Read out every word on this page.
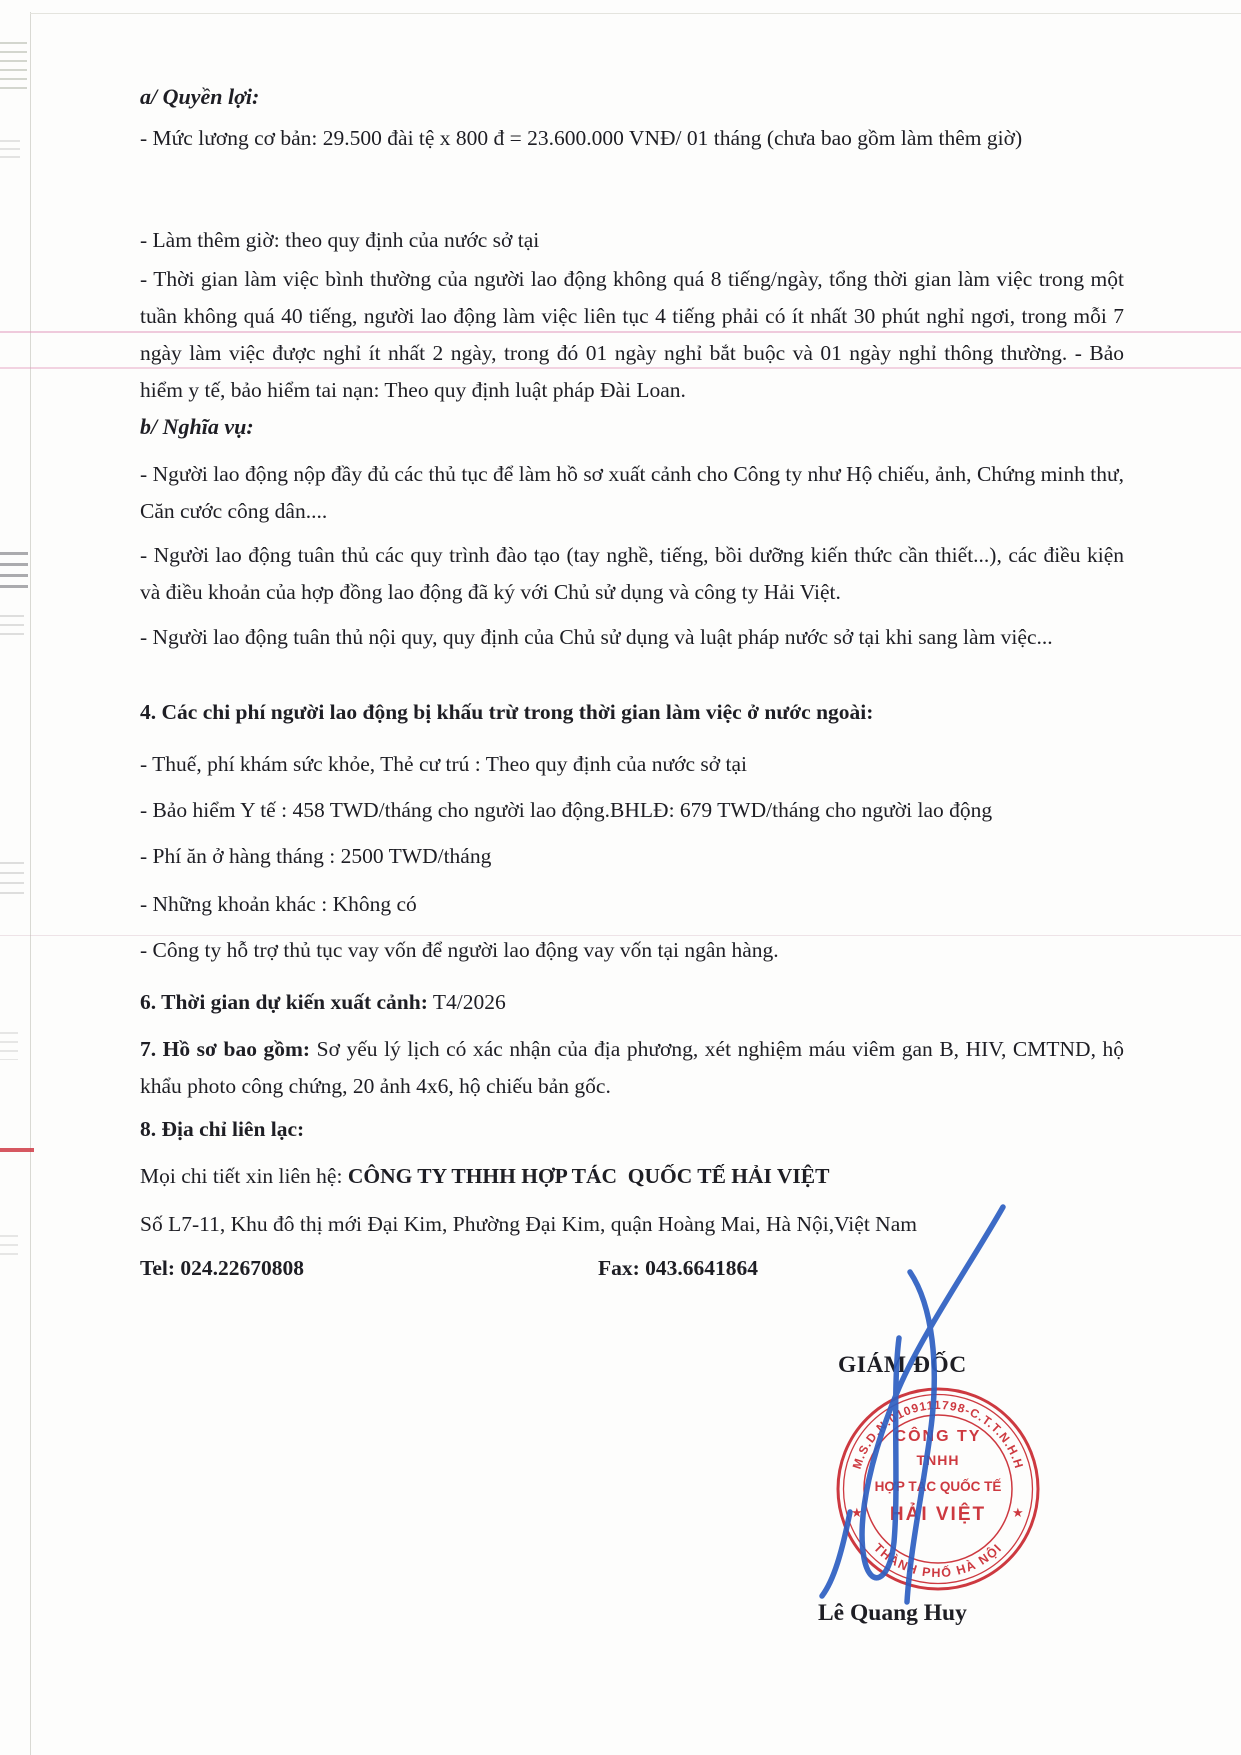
a/ Quyền lợi:

- Mức lương cơ bản: 29.500 đài tệ x 800 đ = 23.600.000 VNĐ/ 01 tháng (chưa bao gồm làm thêm giờ)

- Làm thêm giờ: theo quy định của nước sở tại

- Thời gian làm việc bình thường của người lao động không quá 8 tiếng/ngày, tổng thời gian làm việc trong một tuần không quá 40 tiếng, người lao động làm việc liên tục 4 tiếng phải có ít nhất 30 phút nghỉ ngơi, trong mỗi 7 ngày làm việc được nghỉ ít nhất 2 ngày, trong đó 01 ngày nghỉ bắt buộc và 01 ngày nghỉ thông thường. - Bảo hiểm y tế, bảo hiểm tai nạn: Theo quy định luật pháp Đài Loan.

b/ Nghĩa vụ:

- Người lao động nộp đầy đủ các thủ tục để làm hồ sơ xuất cảnh cho Công ty như Hộ chiếu, ảnh, Chứng minh thư, Căn cước công dân....

- Người lao động tuân thủ các quy trình đào tạo (tay nghề, tiếng, bồi dưỡng kiến thức cần thiết...), các điều kiện và điều khoản của hợp đồng lao động đã ký với Chủ sử dụng và công ty Hải Việt.

- Người lao động tuân thủ nội quy, quy định của Chủ sử dụng và luật pháp nước sở tại khi sang làm việc...

4. Các chi phí người lao động bị khấu trừ trong thời gian làm việc ở nước ngoài:

- Thuế, phí khám sức khỏe, Thẻ cư trú : Theo quy định của nước sở tại

- Bảo hiểm Y tế : 458 TWD/tháng cho người lao động.BHLĐ: 679 TWD/tháng cho người lao động

- Phí ăn ở hàng tháng : 2500 TWD/tháng

- Những khoản khác : Không có

- Công ty hỗ trợ thủ tục vay vốn để người lao động vay vốn tại ngân hàng.

6. Thời gian dự kiến xuất cảnh: T4/2026

7. Hồ sơ bao gồm: Sơ yếu lý lịch có xác nhận của địa phương, xét nghiệm máu viêm gan B, HIV, CMTND, hộ khẩu photo công chứng, 20 ảnh 4x6, hộ chiếu bản gốc.

8. Địa chỉ liên lạc:

Mọi chi tiết xin liên hệ: CÔNG TY THHH HỢP TÁC  QUỐC TẾ HẢI VIỆT

Số L7-11, Khu đô thị mới Đại Kim, Phường Đại Kim, quận Hoàng Mai, Hà Nội,Việt Nam

Tel: 024.22670808	Fax: 043.6641864
GIÁM ĐỐC
Lê Quang Huy
M.S.D.N:0109111798-C.T.T.N.H.H
THÀNH PHỐ HÀ NỘI
★	★
CÔNG TY
TNHH
HỢP TÁC QUỐC TẾ
HẢI VIỆT
